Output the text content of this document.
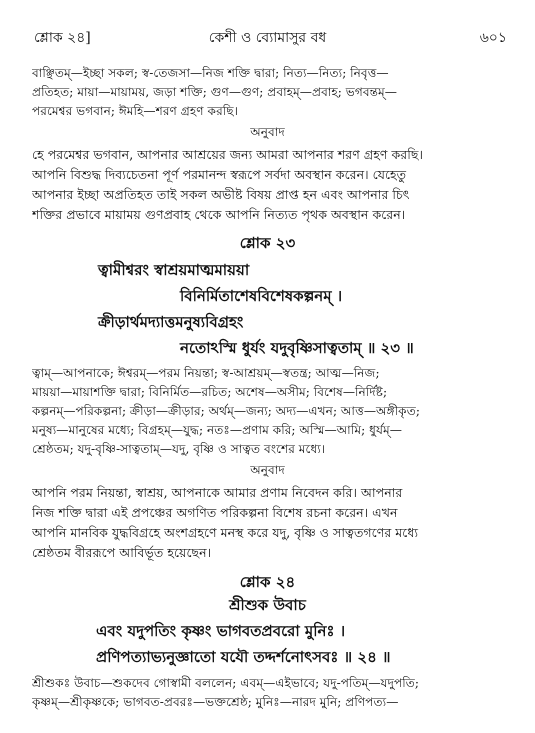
শ্লোক ২৪]	কেশী ও ব্যোমাসুর বধ	৬০১
বাঞ্ছিতম্—ইচ্ছা সকল; স্ব-তেজসা—নিজ শক্তি দ্বারা; নিত্য—নিত্য; নিবৃত্ত—
প্রতিহত; মায়া—মায়াময়, জড়া শক্তি; গুণ—গুণ; প্রবাহম্—প্রবাহ; ভগবন্তম্—
পরমেশ্বর ভগবান; ঈমহি—শরণ গ্রহণ করছি।
অনুবাদ
হে পরমেশ্বর ভগবান, আপনার আশ্রয়ের জন্য আমরা আপনার শরণ গ্রহণ করছি।
আপনি বিশুদ্ধ দিব্যচেতনা পূর্ণ পরমানন্দ স্বরূপে সর্বদা অবস্থান করেন। যেহেতু
আপনার ইচ্ছা অপ্রতিহত তাই সকল অভীষ্ট বিষয় প্রাপ্ত হন এবং আপনার চিৎ
শক্তির প্রভাবে মায়াময় গুণপ্রবাহ থেকে আপনি নিত্যত পৃথক অবস্থান করেন।
শ্লোক ২৩
ত্বামীশ্বরং স্বাশ্রয়মাত্মমায়য়া
বিনির্মিতাশেষবিশেষকল্পনম্ ।
ক্রীড়ার্থমদ্যাত্তমনুষ্যবিগ্রহং
নতোঽস্মি ধুর্যং যদুবৃষ্ণিসাত্বতাম্ ॥ ২৩ ॥
ত্বাম্—আপনাকে; ঈশ্বরম্—পরম নিয়ন্তা; স্ব-আশ্রয়ম্—স্বতন্ত্র; আত্ম—নিজ;
মায়য়া—মায়াশক্তি দ্বারা; বিনির্মিত—রচিত; অশেষ—অসীম; বিশেষ—নির্দিষ্ট;
কল্পনম্—পরিকল্পনা; ক্রীড়া—ক্রীড়ার; অর্থম্—জন্য; অদ্য—এখন; আত্ত—অঙ্গীকৃত;
মনুষ্য—মানুষের মধ্যে; বিগ্রহম্—যুদ্ধ; নতঃ—প্রণাম করি; অস্মি—আমি; ধুর্যম্—
শ্রেষ্ঠতম; যদু-বৃষ্ণি-সাত্বতাম্—যদু, বৃষ্ণি ও সাত্বত বংশের মধ্যে।
অনুবাদ
আপনি পরম নিয়ন্তা, স্বাশ্রয়, আপনাকে আমার প্রণাম নিবেদন করি। আপনার
নিজ শক্তি দ্বারা এই প্রপঞ্চের অগণিত পরিকল্পনা বিশেষ রচনা করেন। এখন
আপনি মানবিক যুদ্ধবিগ্রহে অংশগ্রহণে মনস্থ করে যদু, বৃষ্ণি ও সাত্বতগণের মধ্যে
শ্রেষ্ঠতম বীররূপে আবির্ভূত হয়েছেন।
শ্লোক ২৪
শ্রীশুক উবাচ
এবং যদুপতিং কৃষ্ণং ভাগবতপ্রবরো মুনিঃ ।
প্রণিপত্যাভ্যনুজ্ঞাতো যযৌ তদ্দর্শনোৎসবঃ ॥ ২৪ ॥
শ্রীশুকঃ উবাচ—শুকদেব গোস্বামী বললেন; এবম্—এইভাবে; যদু-পতিম্—যদুপতি;
কৃষ্ণম্—শ্রীকৃষ্ণকে; ভাগবত-প্রবরঃ—ভক্তশ্রেষ্ঠ; মুনিঃ—নারদ মুনি; প্রণিপত্য—
